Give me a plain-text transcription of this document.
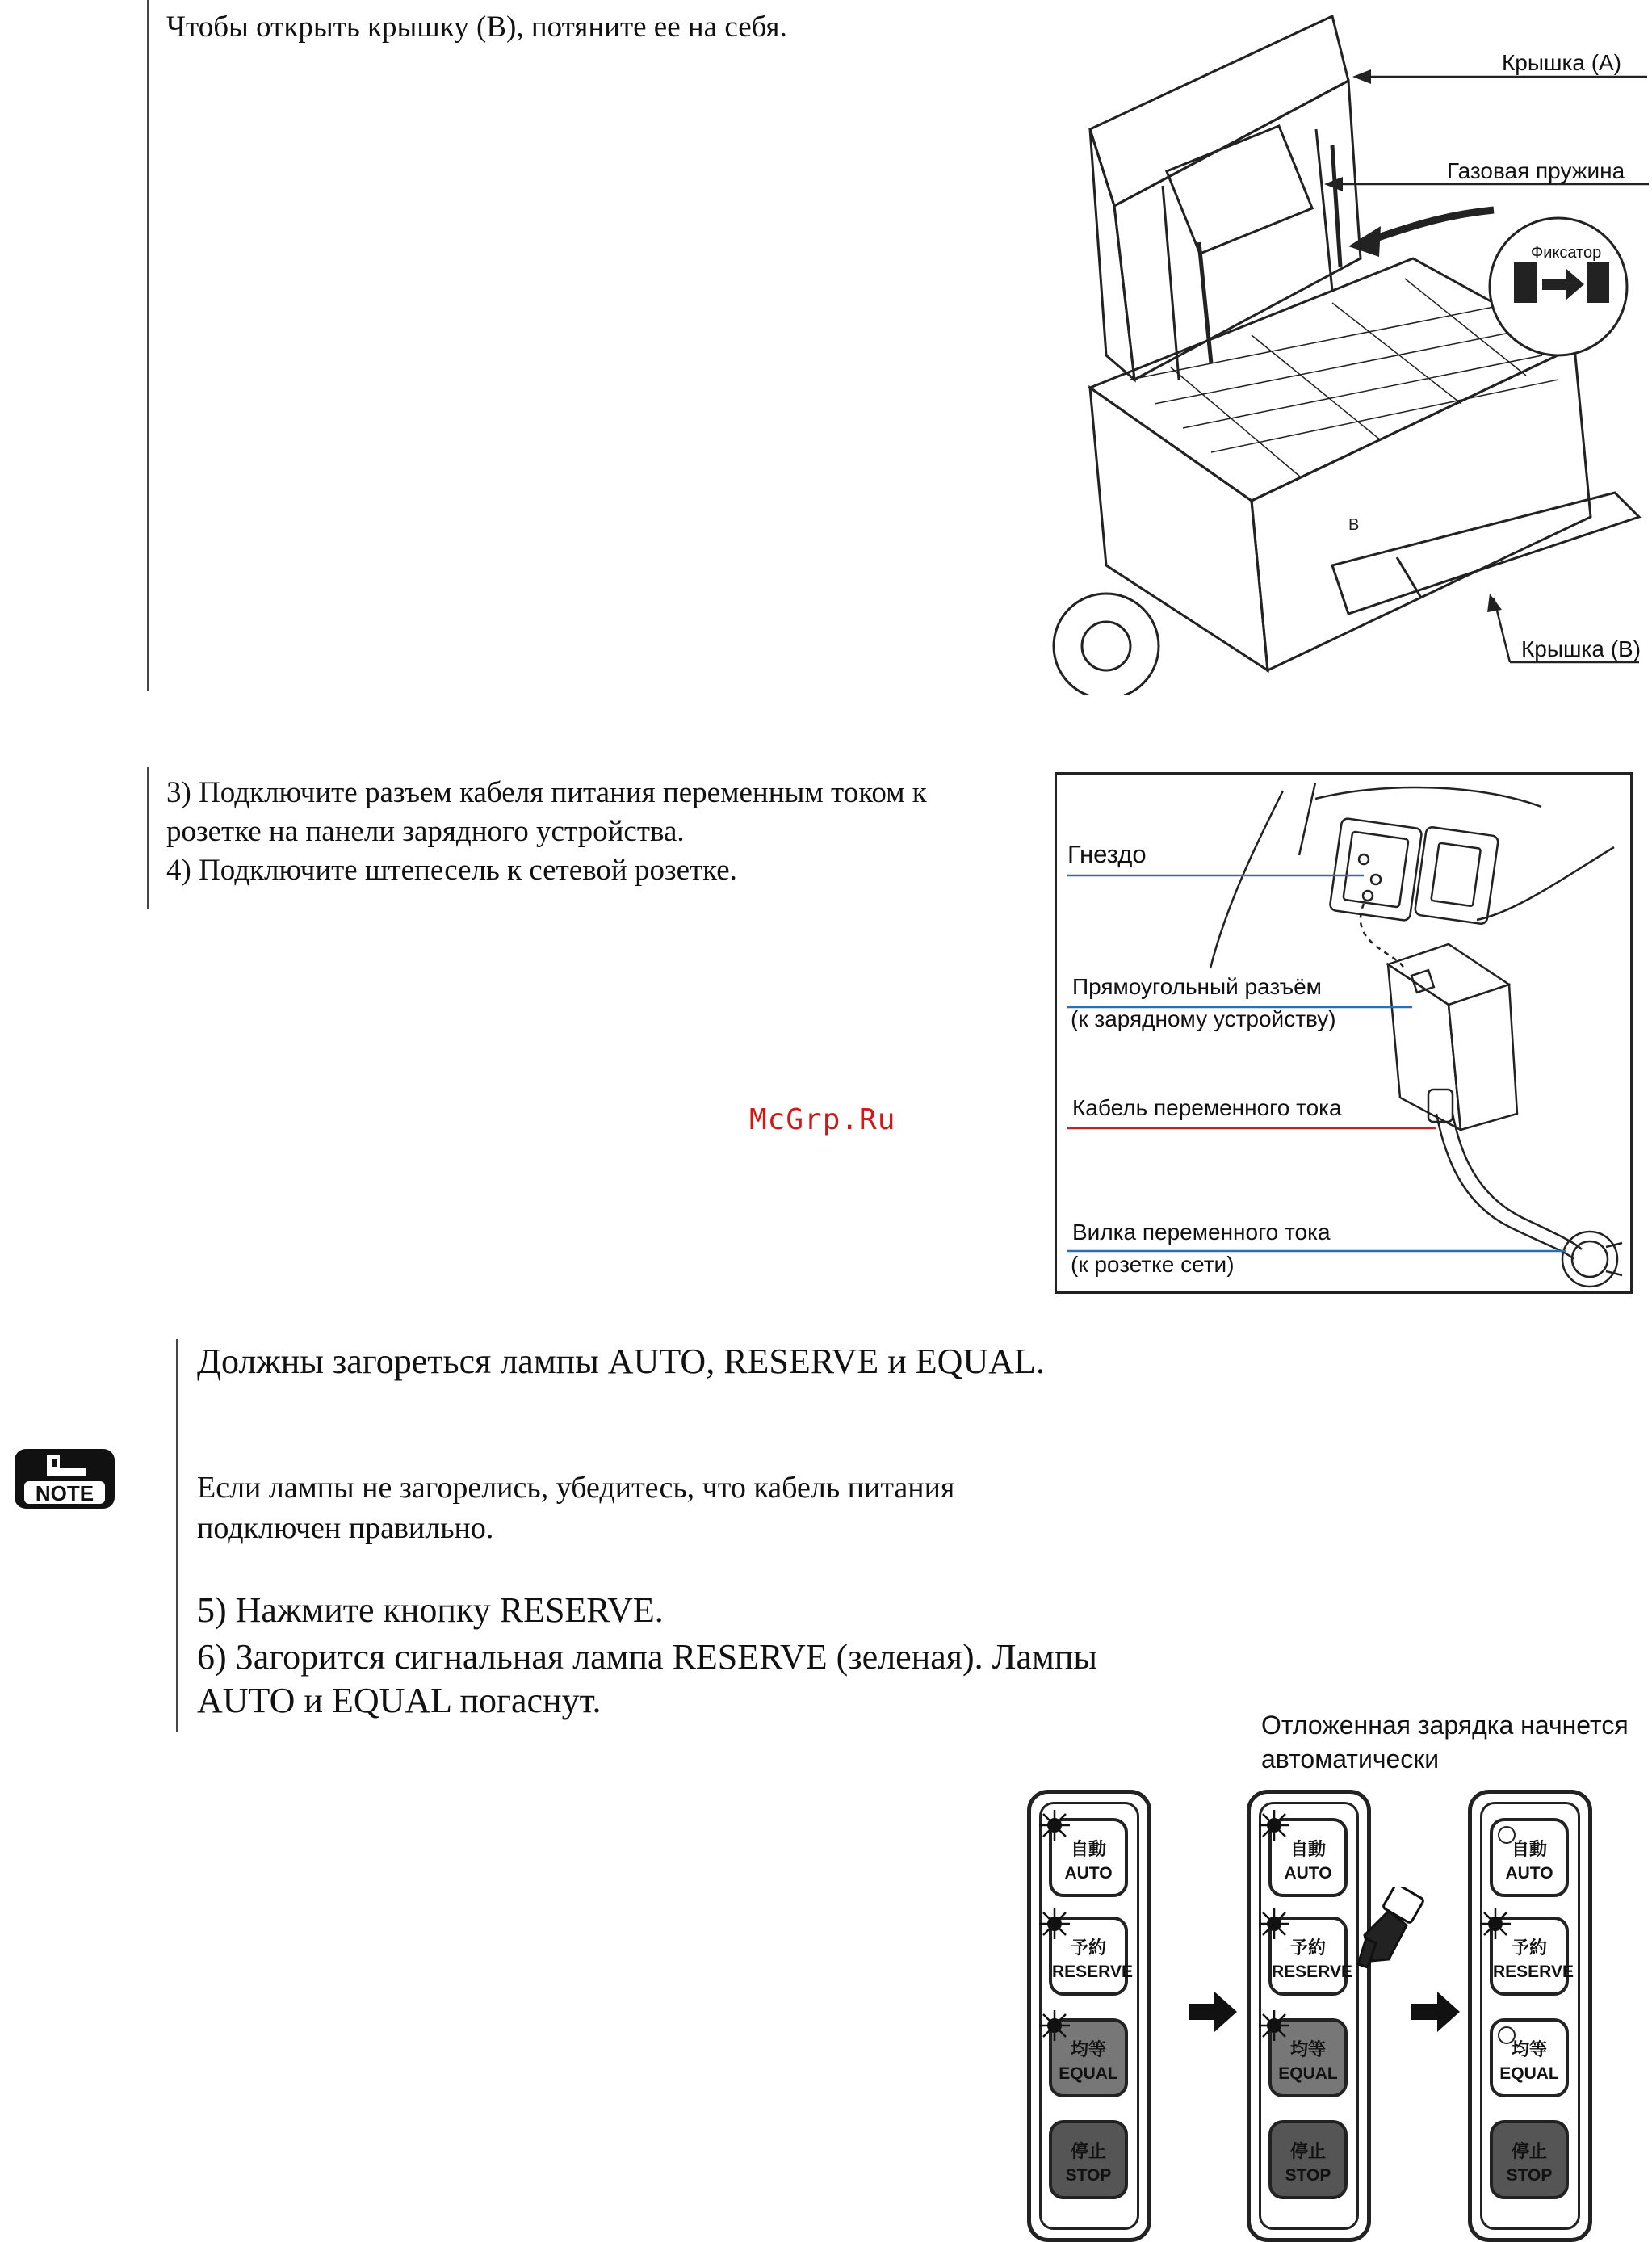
Чтобы открыть крышку (В), потяните ее на себя.
B
Крышка (А)
Газовая пружина
Фиксатор
Крышка (В)
3) Подключите разъем кабеля питания переменным током к
розетке на панели зарядного устройства.
4) Подключите штепесель к сетевой розетке.	Гнездо
Прямоугольный разъём
(к зарядному устройству)
Кабель переменного тока
Вилка переменного тока
(к розетке сети)
McGrp.Ru
NOTE
Должны загореться лампы AUTO, RESERVE и EQUAL.
Если лампы не загорелись, убедитесь, что кабель питания
подключен правильно.
5) Нажмите кнопку RESERVE.
6) Загорится сигнальная лампа RESERVE (зеленая). Лампы
AUTO и EQUAL погаснут.
Отложенная зарядка начнется
автоматически
自動
AUTO
予約
RESERVE
均等
EQUAL
停止
STOP
自動
AUTO
予約
RESERVE
均等
EQUAL
停止
STOP
自動
AUTO
予約
RESERVE
均等
EQUAL
停止
STOP
